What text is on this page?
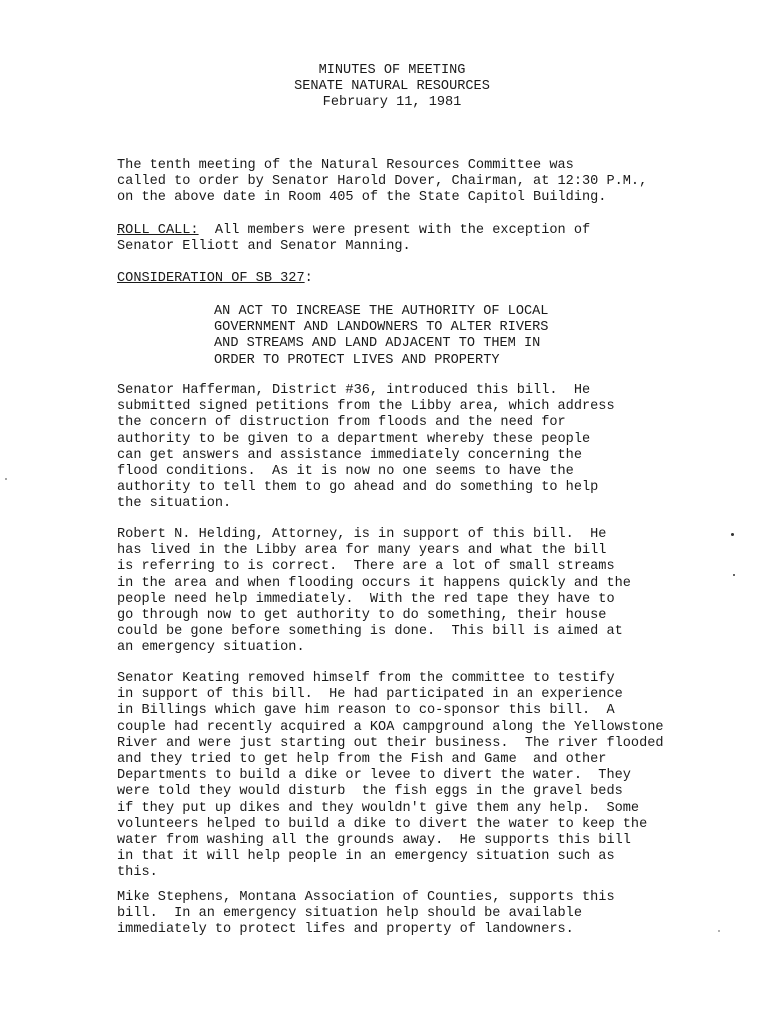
MINUTES OF MEETING
SENATE NATURAL RESOURCES
February 11, 1981
The tenth meeting of the Natural Resources Committee was
called to order by Senator Harold Dover, Chairman, at 12:30 P.M.,
on the above date in Room 405 of the State Capitol Building.
ROLL CALL:  All members were present with the exception of
Senator Elliott and Senator Manning.
CONSIDERATION OF SB 327:
AN ACT TO INCREASE THE AUTHORITY OF LOCAL
GOVERNMENT AND LANDOWNERS TO ALTER RIVERS
AND STREAMS AND LAND ADJACENT TO THEM IN
ORDER TO PROTECT LIVES AND PROPERTY
Senator Hafferman, District #36, introduced this bill.  He
submitted signed petitions from the Libby area, which address
the concern of distruction from floods and the need for
authority to be given to a department whereby these people
can get answers and assistance immediately concerning the
flood conditions.  As it is now no one seems to have the
authority to tell them to go ahead and do something to help
the situation.
Robert N. Helding, Attorney, is in support of this bill.  He
has lived in the Libby area for many years and what the bill
is referring to is correct.  There are a lot of small streams
in the area and when flooding occurs it happens quickly and the
people need help immediately.  With the red tape they have to
go through now to get authority to do something, their house
could be gone before something is done.  This bill is aimed at
an emergency situation.
Senator Keating removed himself from the committee to testify
in support of this bill.  He had participated in an experience
in Billings which gave him reason to co-sponsor this bill.  A
couple had recently acquired a KOA campground along the Yellowstone
River and were just starting out their business.  The river flooded
and they tried to get help from the Fish and Game  and other
Departments to build a dike or levee to divert the water.  They
were told they would disturb  the fish eggs in the gravel beds
if they put up dikes and they wouldn't give them any help.  Some
volunteers helped to build a dike to divert the water to keep the
water from washing all the grounds away.  He supports this bill
in that it will help people in an emergency situation such as
this.
Mike Stephens, Montana Association of Counties, supports this
bill.  In an emergency situation help should be available
immediately to protect lifes and property of landowners.
